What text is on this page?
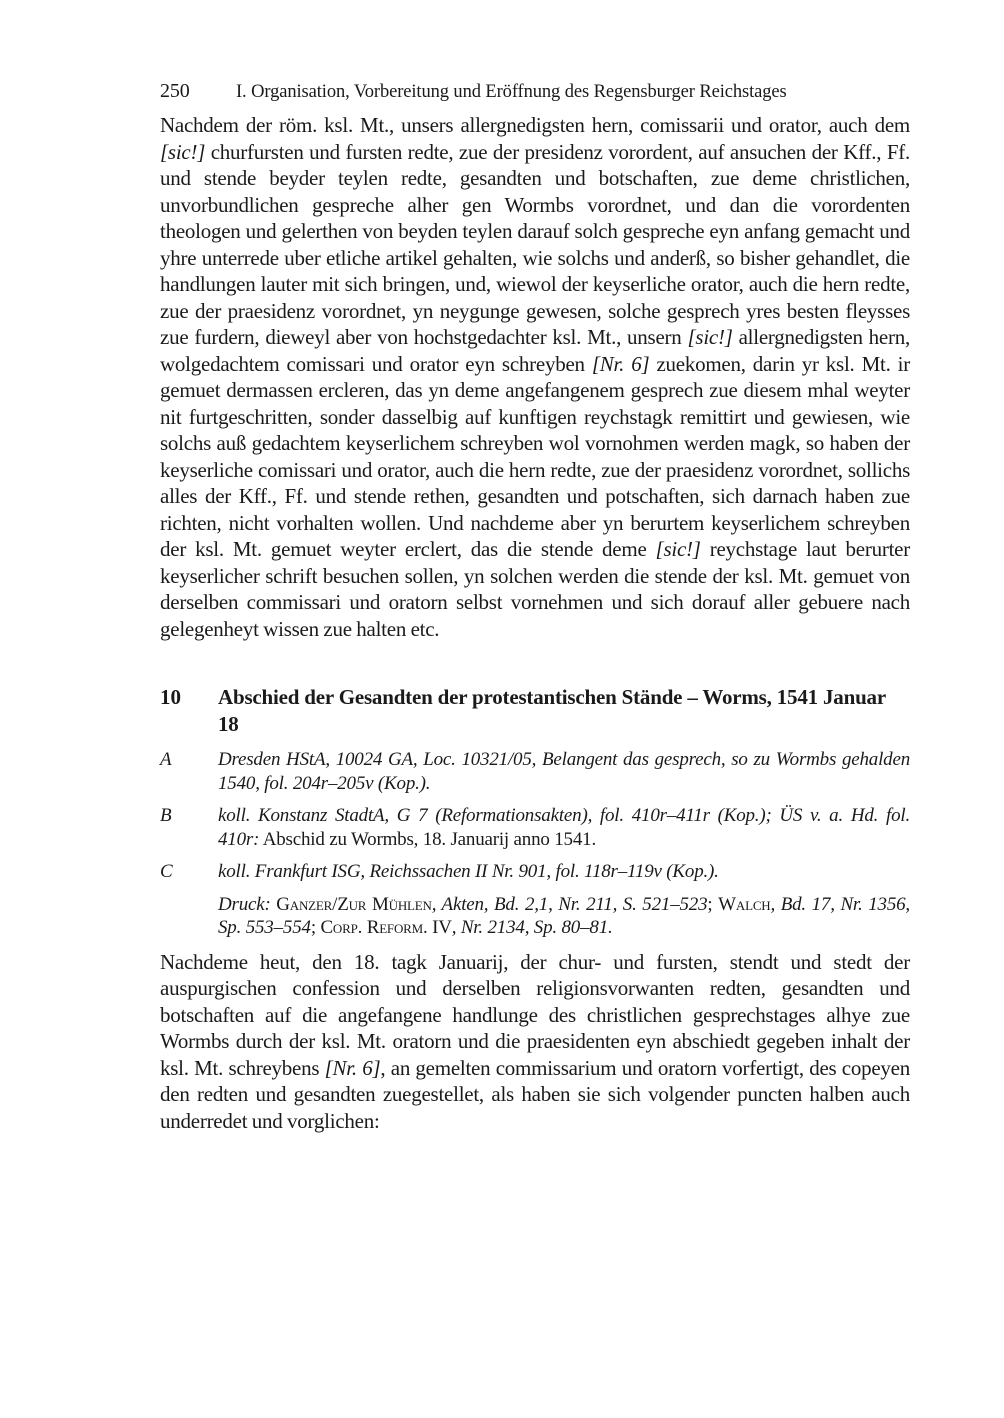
250	I. Organisation, Vorbereitung und Eröffnung des Regensburger Reichstages

Nachdem der röm. ksl. Mt., unsers allergnedigsten hern, comissarii und orator, auch dem [sic!] churfursten und fursten redte, zue der presidenz vorordent, auf ansuchen der Kff., Ff. und stende beyder teylen redte, gesandten und botschaften, zue deme christlichen, unvorbundlichen gespreche alher gen Wormbs vorordnet, und dan die vorordenten theologen und gelerthen von beyden teylen darauf solch gespreche eyn anfang gemacht und yhre unterrede uber etliche artikel gehalten, wie solchs und anderß, so bisher gehandlet, die handlungen lauter mit sich bringen, und, wiewol der keyserliche orator, auch die hern redte, zue der praesidenz vorordnet, yn neygunge gewesen, solche gesprech yres besten fleysses zue furdern, dieweyl aber von hochstgedachter ksl. Mt., unsern [sic!] allergnedigsten hern, wolgedachtem comissari und orator eyn schreyben [Nr. 6] zuekomen, darin yr ksl. Mt. ir gemuet dermassen ercleren, das yn deme angefangenem gesprech zue diesem mhal weyter nit furtgeschritten, sonder dasselbig auf kunftigen reychstagk remittirt und gewiesen, wie solchs auß gedachtem keyserlichem schreyben wol vornohmen werden magk, so haben der keyserliche comissari und orator, auch die hern redte, zue der praesidenz vorordnet, sollichs alles der Kff., Ff. und stende rethen, gesandten und potschaften, sich darnach haben zue richten, nicht vorhalten wollen. Und nachdeme aber yn berurtem keyserlichem schreyben der ksl. Mt. gemuet weyter erclert, das die stende deme [sic!] reychstage laut berurter keyserlicher schrift besuchen sollen, yn solchen werden die stende der ksl. Mt. gemuet von derselben commissari und oratorn selbst vornehmen und sich dorauf aller gebuere nach gelegenheyt wissen zue halten etc.

10	Abschied der Gesandten der protestantischen Stände – Worms, 1541 Januar 18
A	Dresden HStA, 10024 GA, Loc. 10321/05, Belangent das gesprech, so zu Wormbs gehalden 1540, fol. 204r–205v (Kop.).
B	koll. Konstanz StadtA, G 7 (Reformationsakten), fol. 410r–411r (Kop.); ÜS v. a. Hd. fol. 410r: Abschid zu Wormbs, 18. Januarij anno 1541.
C	koll. Frankfurt ISG, Reichssachen II Nr. 901, fol. 118r–119v (Kop.).
Druck: Ganzer/Zur Mühlen, Akten, Bd. 2,1, Nr. 211, S. 521–523; Walch, Bd. 17, Nr. 1356, Sp. 553–554; Corp. Reform. IV, Nr. 2134, Sp. 80–81.

Nachdeme heut, den 18. tagk Januarij, der chur- und fursten, stendt und stedt der auspurgischen confession und derselben religionsvorwanten redten, gesandten und botschaften auf die angefangene handlunge des christlichen gesprechstages alhye zue Wormbs durch der ksl. Mt. oratorn und die praesidenten eyn abschiedt gegeben inhalt der ksl. Mt. schreybens [Nr. 6], an gemelten commissarium und oratorn vorfertigt, des copeyen den redten und gesandten zuegestellet, als haben sie sich volgender puncten halben auch underredet und vorglichen:
